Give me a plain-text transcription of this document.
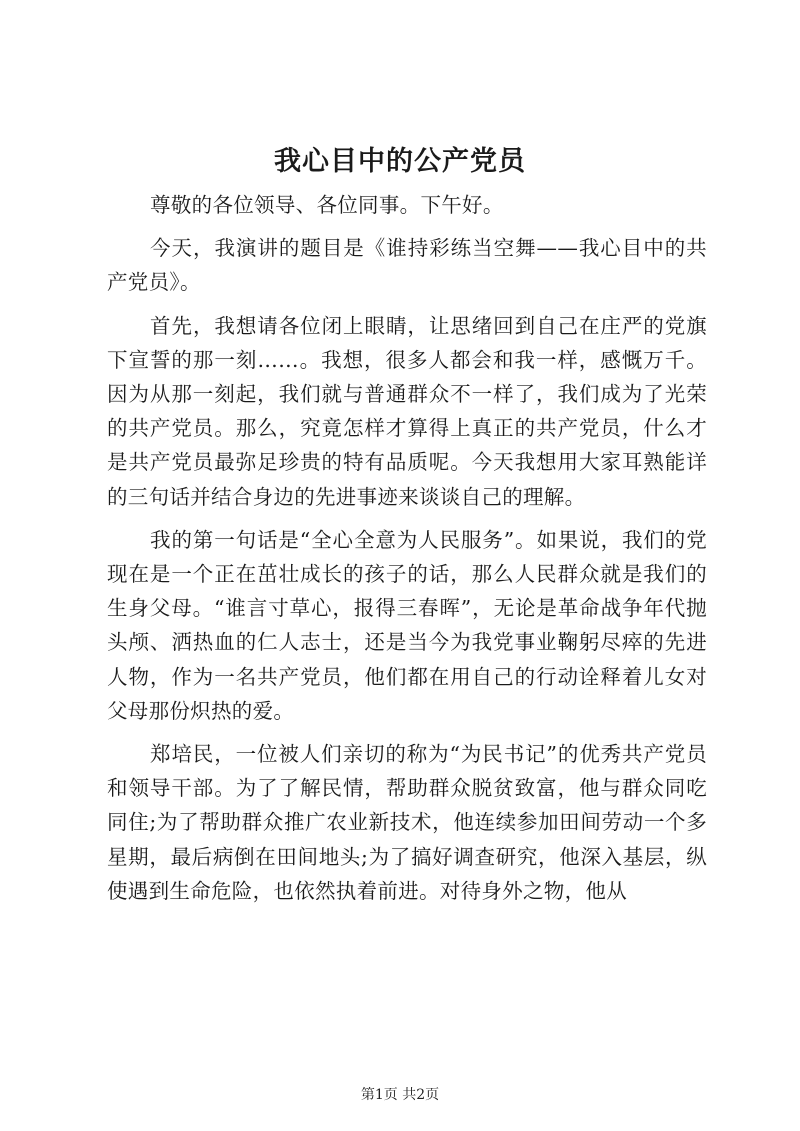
我心目中的公产党员

尊敬的各位领导、各位同事。下午好。

今天，我演讲的题目是《谁持彩练当空舞——我心目中的共产党员》。

首先，我想请各位闭上眼睛，让思绪回到自己在庄严的党旗下宣誓的那一刻……。我想，很多人都会和我一样，感慨万千。因为从那一刻起，我们就与普通群众不一样了，我们成为了光荣的共产党员。那么，究竟怎样才算得上真正的共产党员，什么才是共产党员最弥足珍贵的特有品质呢。今天我想用大家耳熟能详的三句话并结合身边的先进事迹来谈谈自己的理解。

我的第一句话是“全心全意为人民服务”。如果说，我们的党现在是一个正在茁壮成长的孩子的话，那么人民群众就是我们的生身父母。“谁言寸草心，报得三春晖”，无论是革命战争年代抛头颅、洒热血的仁人志士，还是当今为我党事业鞠躬尽瘁的先进人物，作为一名共产党员，他们都在用自己的行动诠释着儿女对父母那份炽热的爱。

郑培民，一位被人们亲切的称为“为民书记”的优秀共产党员和领导干部。为了了解民情，帮助群众脱贫致富，他与群众同吃同住;为了帮助群众推广农业新技术，他连续参加田间劳动一个多星期，最后病倒在田间地头;为了搞好调查研究，他深入基层，纵使遇到生命危险，也依然执着前进。对待身外之物，他从

第1页 共2页
